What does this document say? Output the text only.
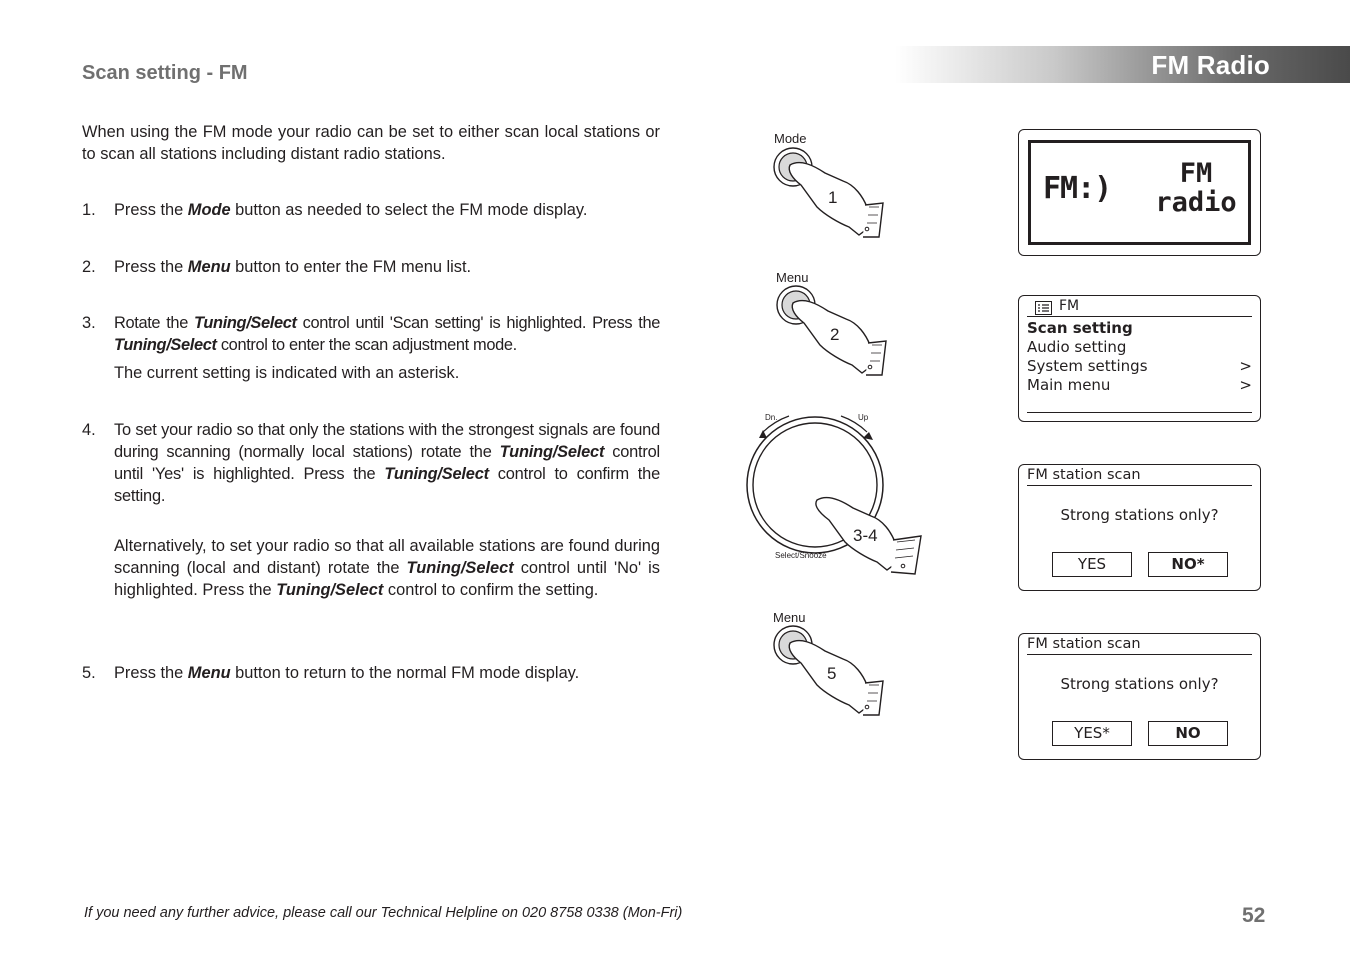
FM Radio
Scan setting - FM
When using the FM mode your radio can be set to either scan local stations or to scan all stations including distant radio stations.
1. Press the Mode button as needed to select the FM mode display.

2. Press the Menu button to enter the FM menu list.

3. Rotate the Tuning/Select control until 'Scan setting' is highlighted. Press the Tuning/Select control to enter the scan adjustment mode.

The current setting is indicated with an asterisk.

4. To set your radio so that only the stations with the strongest signals are found during scanning (normally local stations) rotate the Tuning/Select control until 'Yes' is highlighted. Press the Tuning/Select control to confirm the setting.

Alternatively, to set your radio so that all available stations are found during scanning (local and distant) rotate the Tuning/Select control until 'No' is highlighted. Press the Tuning/Select control to confirm the setting.

5. Press the Menu button to return to the normal FM mode display.

Mode
1
Menu
2
Dn.	Up
3-4
Select/Snooze
Menu
5
FM:)	FM
radio
FM
Scan setting
Audio setting
System settings	>
Main menu	>
FM station scan
Strong stations only?
YES	NO*
FM station scan
Strong stations only?
YES*	NO
If you need any further advice, please call our Technical Helpline on 020 8758 0338 (Mon-Fri)	52
